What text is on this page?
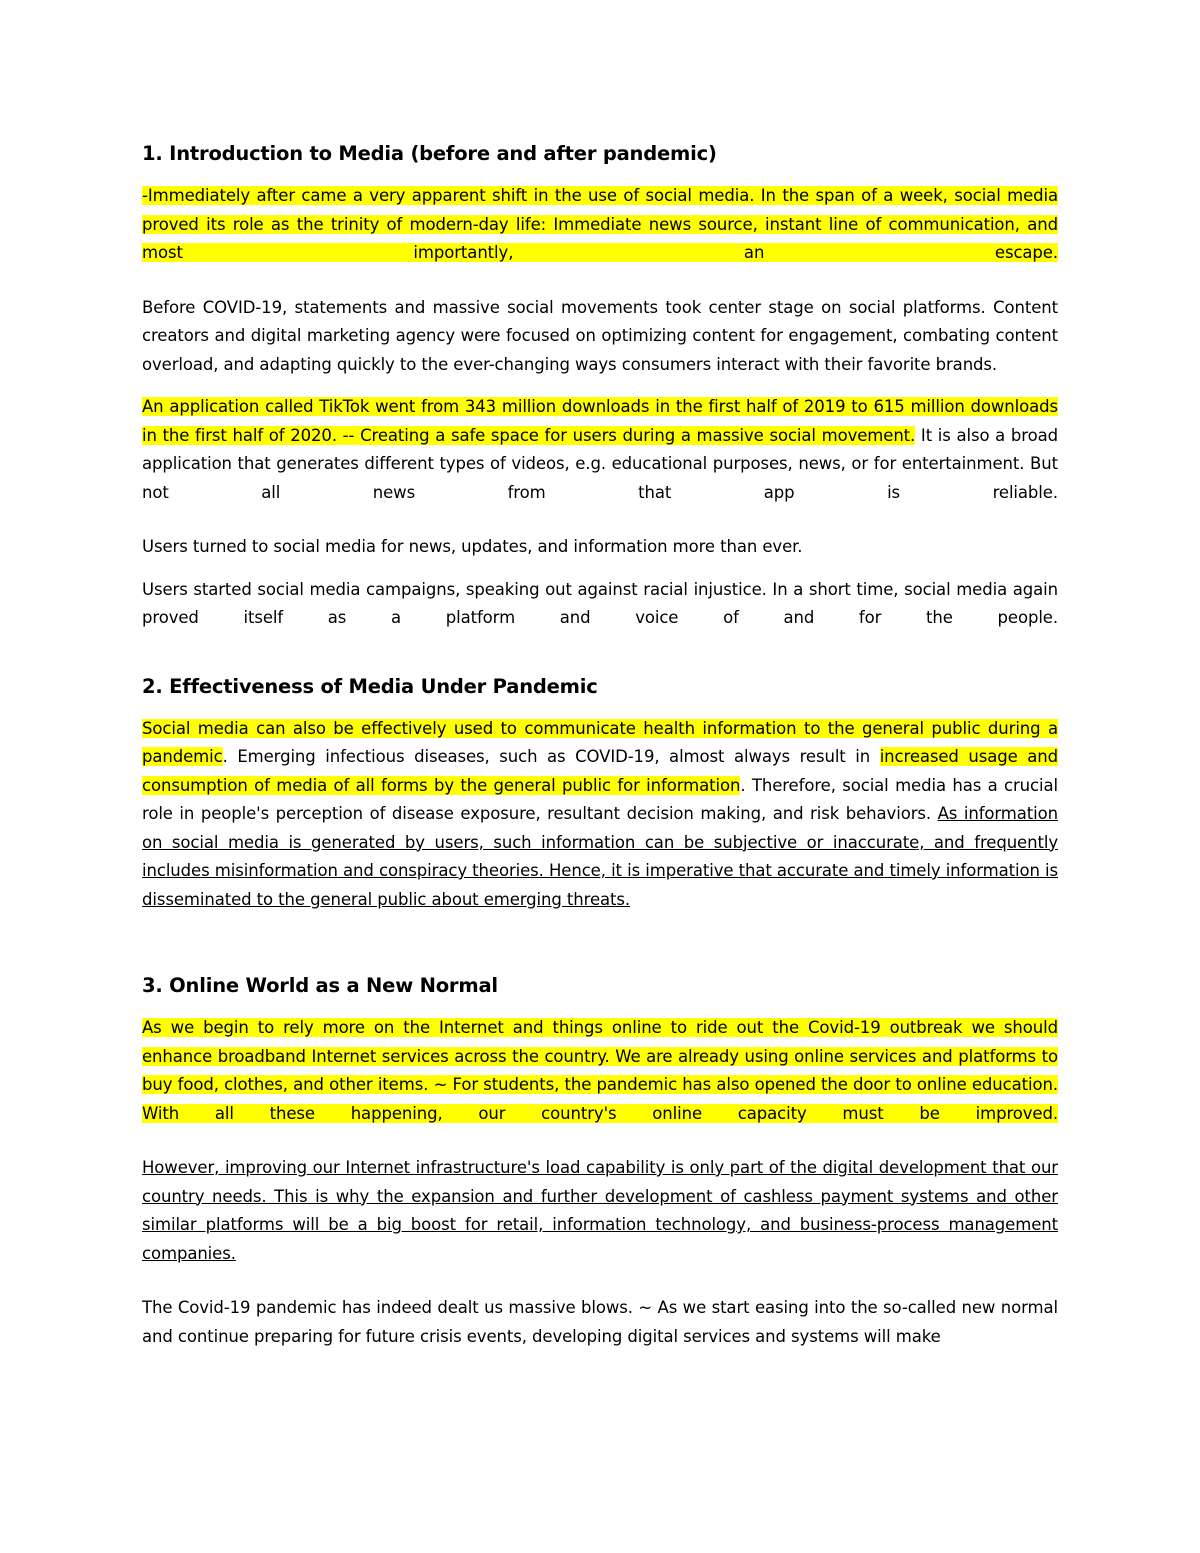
1. Introduction to Media (before and after pandemic)

-Immediately after came a very apparent shift in the use of social media. In the span of a week, social media proved its role as the trinity of modern-day life: Immediate news source, instant line of communication, and most importantly, an escape.

Before COVID-19, statements and massive social movements took center stage on social platforms. Content creators and digital marketing agency were focused on optimizing content for engagement, combating content overload, and adapting quickly to the ever-changing ways consumers interact with their favorite brands.

An application called TikTok went from 343 million downloads in the first half of 2019 to 615 million downloads in the first half of 2020. -- Creating a safe space for users during a massive social movement. It is also a broad application that generates different types of videos, e.g. educational purposes, news, or for entertainment. But not all news from that app is reliable.

Users turned to social media for news, updates, and information more than ever.

Users started social media campaigns, speaking out against racial injustice. In a short time, social media again proved itself as a platform and voice of and for the people.

2. Effectiveness of Media Under Pandemic

Social media can also be effectively used to communicate health information to the general public during a pandemic. Emerging infectious diseases, such as COVID-19, almost always result in increased usage and consumption of media of all forms by the general public for information. Therefore, social media has a crucial role in people's perception of disease exposure, resultant decision making, and risk behaviors. As information on social media is generated by users, such information can be subjective or inaccurate, and frequently includes misinformation and conspiracy theories. Hence, it is imperative that accurate and timely information is disseminated to the general public about emerging threats.

3. Online World as a New Normal

As we begin to rely more on the Internet and things online to ride out the Covid-19 outbreak we should enhance broadband Internet services across the country. We are already using online services and platforms to buy food, clothes, and other items. ~ For students, the pandemic has also opened the door to online education. With all these happening, our country's online capacity must be improved.

However, improving our Internet infrastructure's load capability is only part of the digital development that our country needs. This is why the expansion and further development of cashless payment systems and other similar platforms will be a big boost for retail, information technology, and business-process management companies.

The Covid-19 pandemic has indeed dealt us massive blows. ~ As we start easing into the so-called new normal and continue preparing for future crisis events, developing digital services and systems will make
